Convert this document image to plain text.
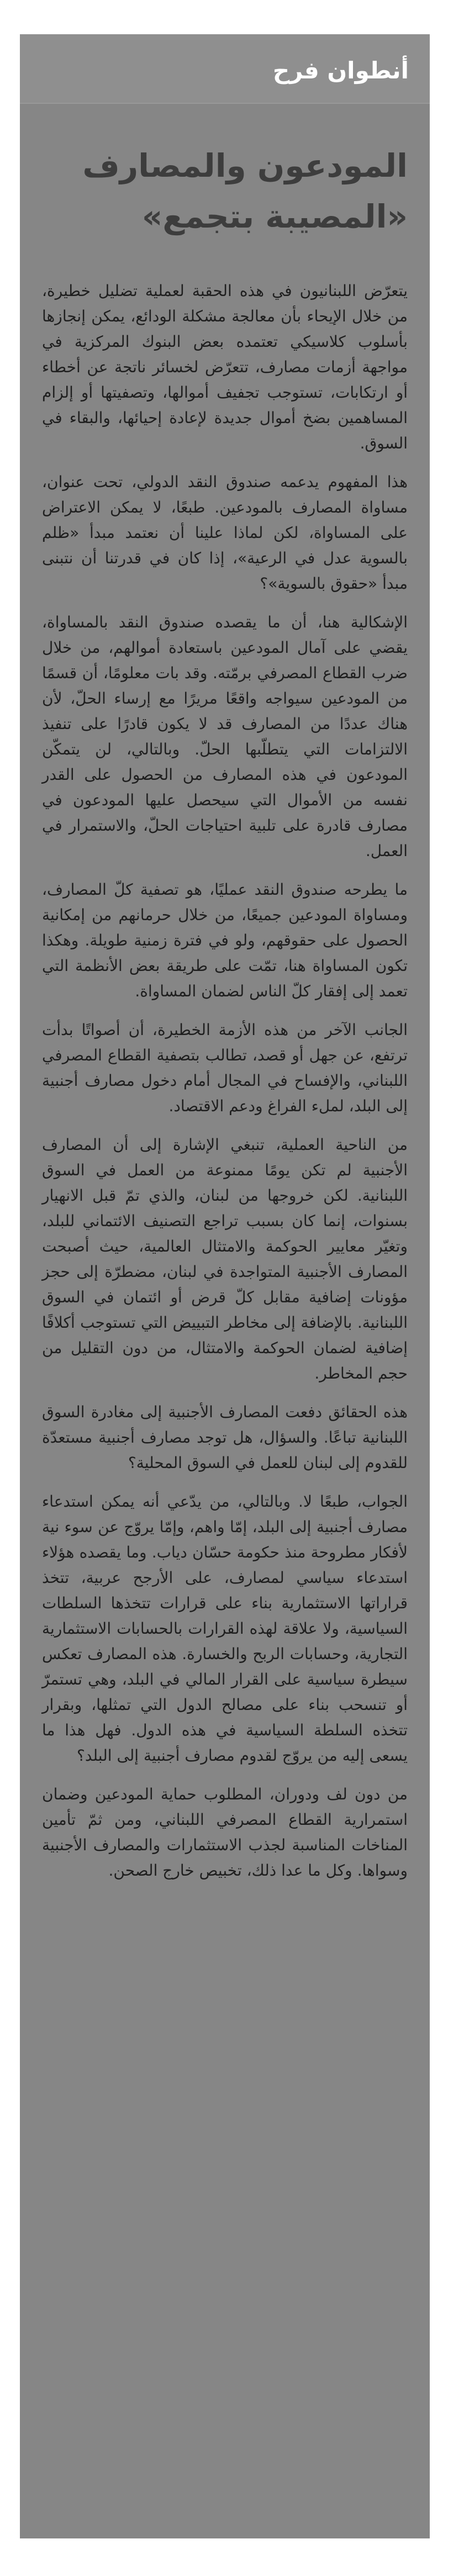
أنطوان فرح
المودعون والمصارف
«المصيبة بتجمع»

يتعرّض اللبنانيون في هذه الحقبة لعملية تضليل خطيرة، من خلال الإيحاء بأن معالجة مشكلة الودائع، يمكن إنجازها بأسلوب كلاسيكي تعتمده بعض البنوك المركزية في مواجهة أزمات مصارف، تتعرّض لخسائر ناتجة عن أخطاء أو ارتكابات، تستوجب تجفيف أموالها، وتصفيتها أو إلزام المساهمين بضخ أموال جديدة لإعادة إحيائها، والبقاء في السوق.

هذا المفهوم يدعمه صندوق النقد الدولي، تحت عنوان، مساواة المصارف بالمودعين. طبعًا، لا يمكن الاعتراض على المساواة، لكن لماذا علينا أن نعتمد مبدأ «ظلم بالسوية عدل في الرعية»، إذا كان في قدرتنا أن نتبنى مبدأ «حقوق بالسوية»؟

الإشكالية هنا، أن ما يقصده صندوق النقد بالمساواة، يقضي على آمال المودعين باستعادة أموالهم، من خلال ضرب القطاع المصرفي برمّته. وقد بات معلومًا، أن قسمًا من المودعين سيواجه واقعًا مريرًا مع إرساء الحلّ، لأن هناك عددًا من المصارف قد لا يكون قادرًا على تنفيذ الالتزامات التي يتطلّبها الحلّ. وبالتالي، لن يتمكّن المودعون في هذه المصارف من الحصول على القدر نفسه من الأموال التي سيحصل عليها المودعون في مصارف قادرة على تلبية احتياجات الحلّ، والاستمرار في العمل.

ما يطرحه صندوق النقد عمليًا، هو تصفية كلّ المصارف، ومساواة المودعين جميعًا، من خلال حرمانهم من إمكانية الحصول على حقوقهم، ولو في فترة زمنية طويلة. وهكذا تكون المساواة هنا، تمّت على طريقة بعض الأنظمة التي تعمد إلى إفقار كلّ الناس لضمان المساواة.

الجانب الآخر من هذه الأزمة الخطيرة، أن أصواتًا بدأت ترتفع، عن جهل أو قصد، تطالب بتصفية القطاع المصرفي اللبناني، والإفساح في المجال أمام دخول مصارف أجنبية إلى البلد، لملء الفراغ ودعم الاقتصاد.

من الناحية العملية، تنبغي الإشارة إلى أن المصارف الأجنبية لم تكن يومًا ممنوعة من العمل في السوق اللبنانية. لكن خروجها من لبنان، والذي تمّ قبل الانهيار بسنوات، إنما كان بسبب تراجع التصنيف الائتماني للبلد، وتغيّر معايير الحوكمة والامتثال العالمية، حيث أصبحت المصارف الأجنبية المتواجدة في لبنان، مضطرّة إلى حجز مؤونات إضافية مقابل كلّ قرض أو ائتمان في السوق اللبنانية. بالإضافة إلى مخاطر التبييض التي تستوجب أكلافًا إضافية لضمان الحوكمة والامتثال، من دون التقليل من حجم المخاطر.

هذه الحقائق دفعت المصارف الأجنبية إلى مغادرة السوق اللبنانية تباعًا. والسؤال، هل توجد مصارف أجنبية مستعدّة للقدوم إلى لبنان للعمل في السوق المحلية؟

الجواب، طبعًا لا. وبالتالي، من يدّعي أنه يمكن استدعاء مصارف أجنبية إلى البلد، إمّا واهم، وإمّا يروّج عن سوء نية لأفكار مطروحة منذ حكومة حسّان دياب. وما يقصده هؤلاء استدعاء سياسي لمصارف، على الأرجح عربية، تتخذ قراراتها الاستثمارية بناء على قرارات تتخذها السلطات السياسية، ولا علاقة لهذه القرارات بالحسابات الاستثمارية التجارية، وحسابات الربح والخسارة. هذه المصارف تعكس سيطرة سياسية على القرار المالي في البلد، وهي تستمرّ أو تنسحب بناء على مصالح الدول التي تمثلها، وبقرار تتخذه السلطة السياسية في هذه الدول. فهل هذا ما يسعى إليه من يروّج لقدوم مصارف أجنبية إلى البلد؟

من دون لف ودوران، المطلوب حماية المودعين وضمان استمرارية القطاع المصرفي اللبناني، ومن ثمّ تأمين المناخات المناسبة لجذب الاستثمارات والمصارف الأجنبية وسواها. وكل ما عدا ذلك، تخبيص خارج الصحن.
